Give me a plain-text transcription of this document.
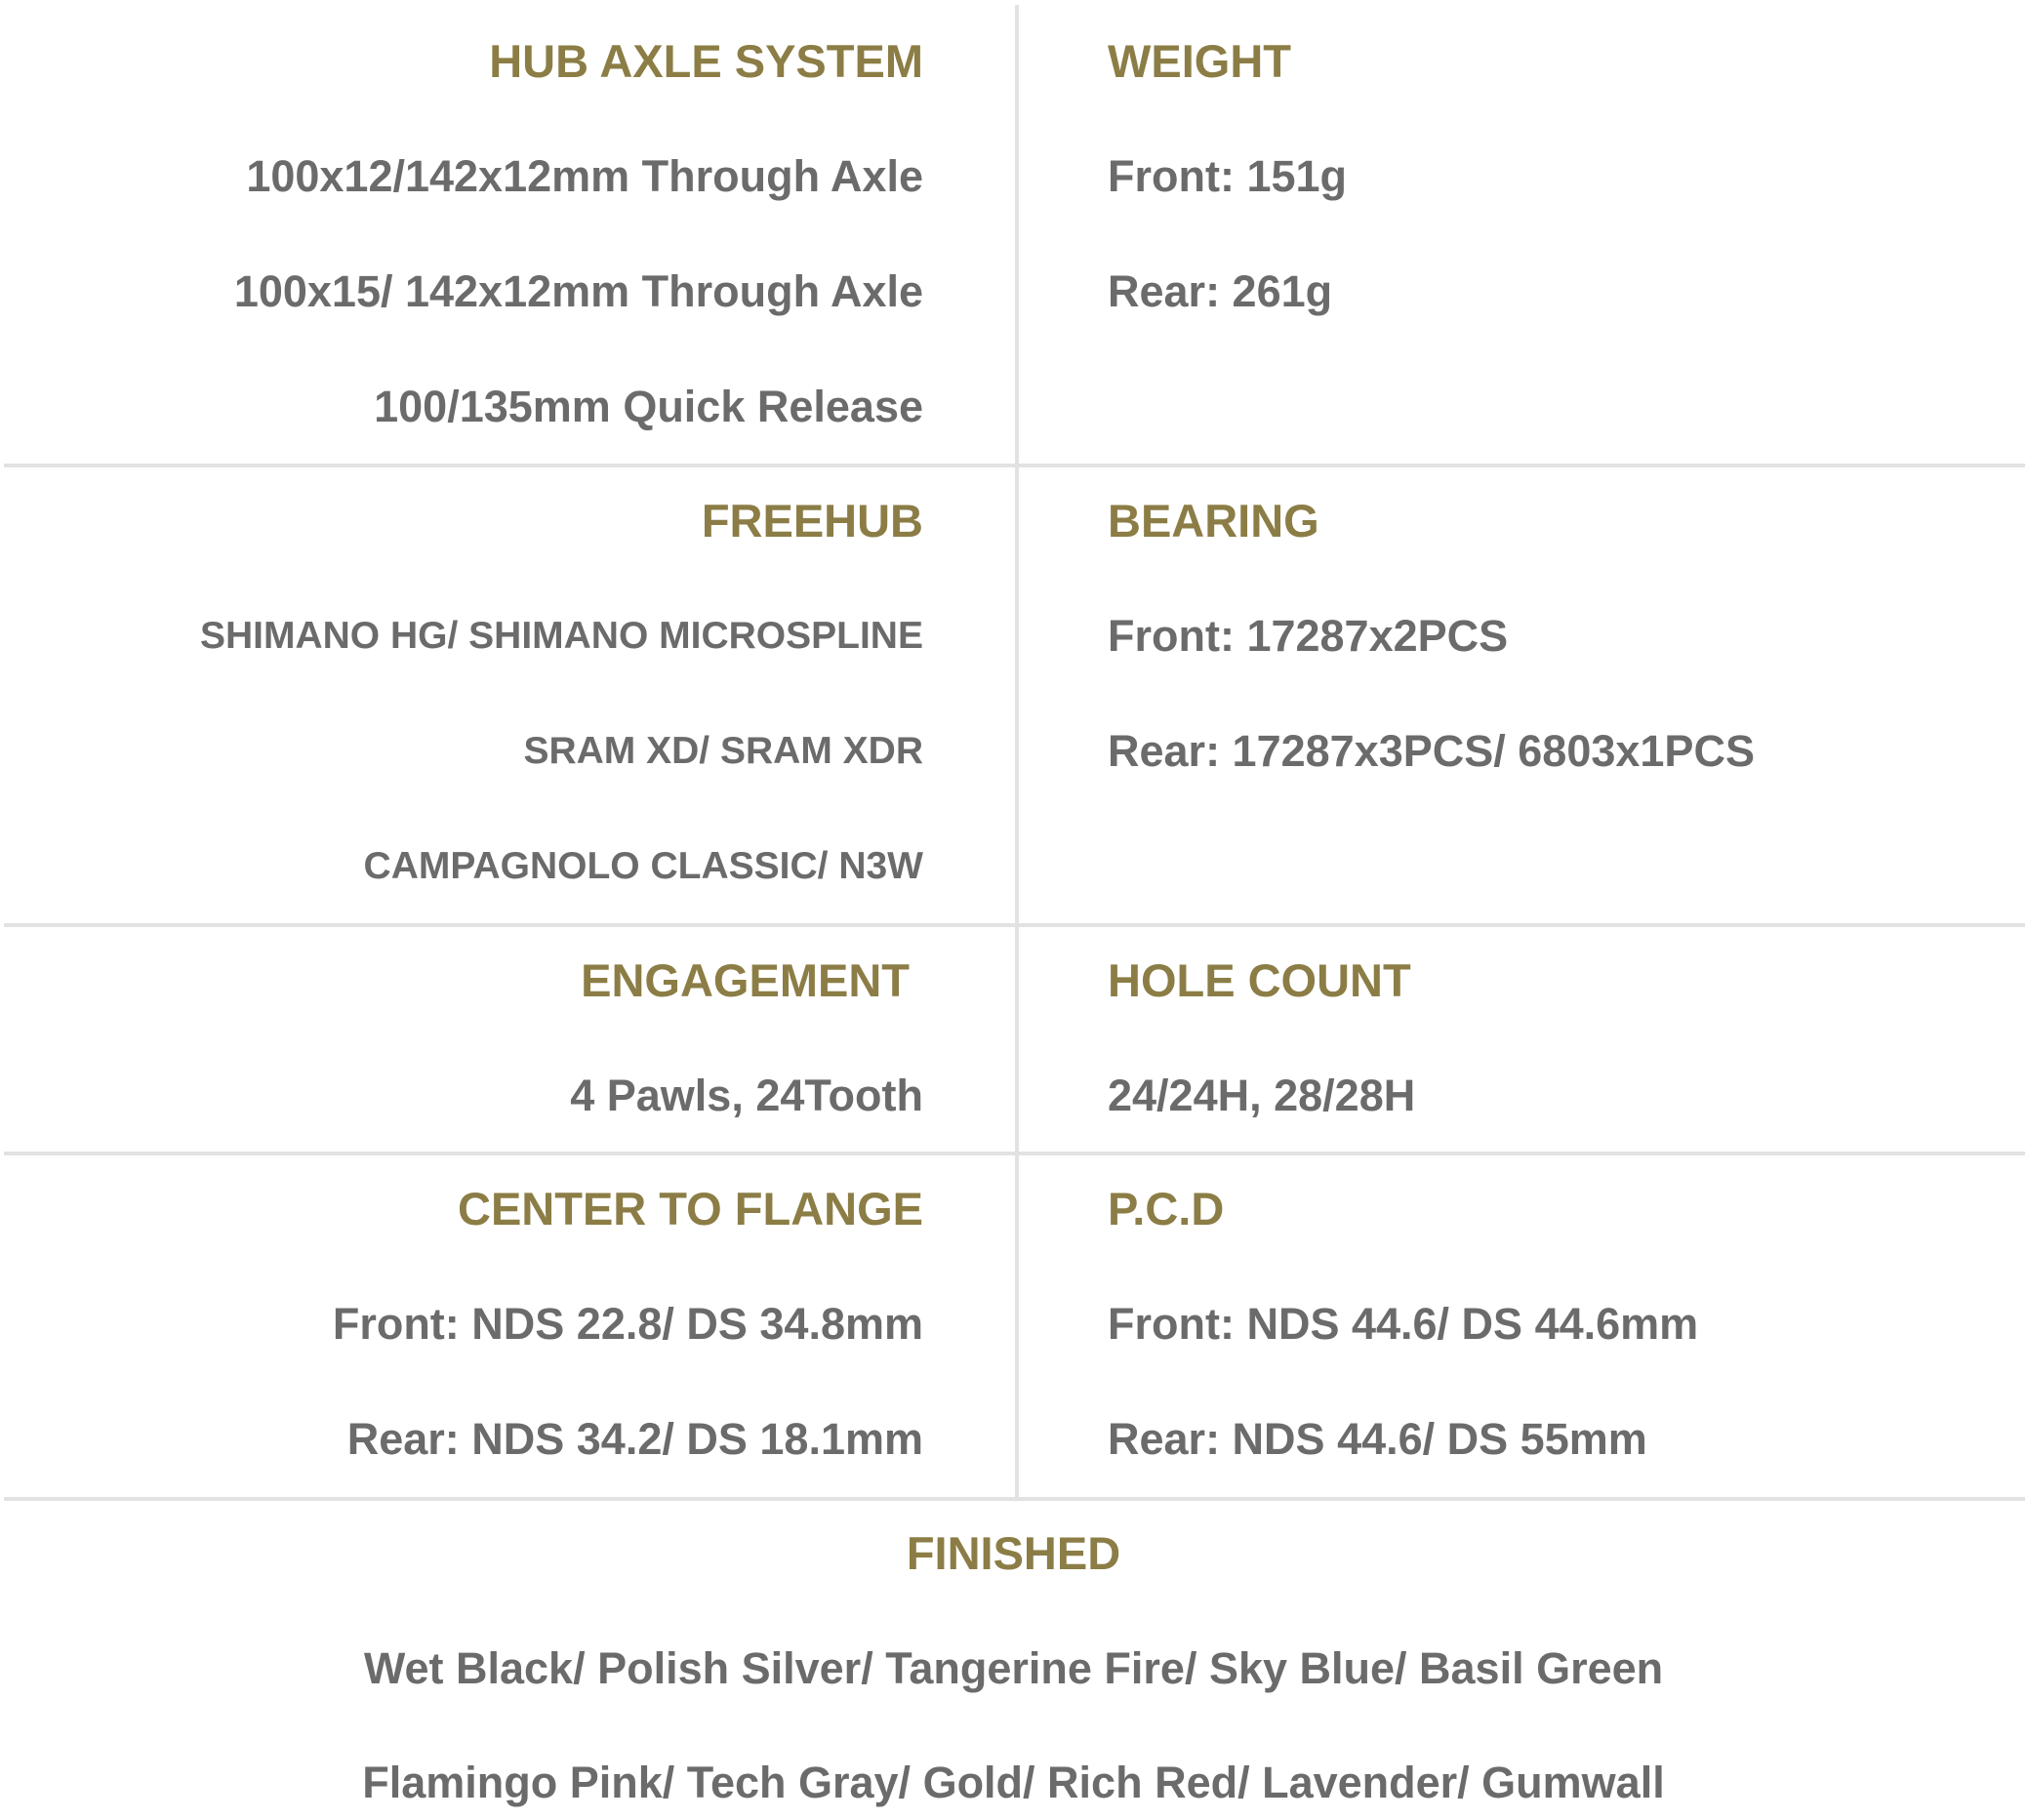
HUB AXLE SYSTEM
100x12/142x12mm Through Axle
100x15/ 142x12mm Through Axle
100/135mm Quick Release
WEIGHT
Front: 151g
Rear: 261g
FREEHUB
SHIMANO HG/ SHIMANO MICROSPLINE
SRAM XD/ SRAM XDR
CAMPAGNOLO CLASSIC/ N3W
BEARING
Front: 17287x2PCS
Rear: 17287x3PCS/ 6803x1PCS
ENGAGEMENT
4 Pawls, 24Tooth
HOLE COUNT
24/24H, 28/28H
CENTER TO FLANGE
Front: NDS 22.8/ DS 34.8mm
Rear: NDS 34.2/ DS 18.1mm
P.C.D
Front: NDS 44.6/ DS 44.6mm
Rear: NDS 44.6/ DS 55mm
FINISHED
Wet Black/ Polish Silver/ Tangerine Fire/ Sky Blue/ Basil Green
Flamingo Pink/ Tech Gray/ Gold/ Rich Red/ Lavender/ Gumwall
